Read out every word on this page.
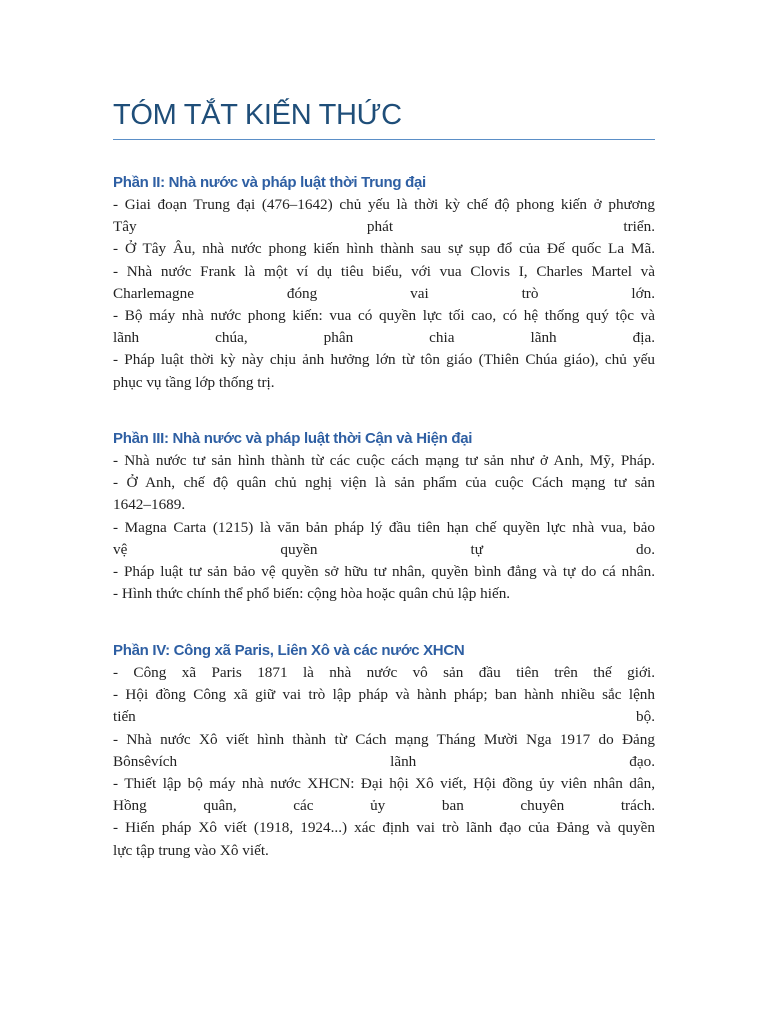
TÓM TẮT KIẾN THỨC
Phần II: Nhà nước và pháp luật thời Trung đại
- Giai đoạn Trung đại (476–1642) chủ yếu là thời kỳ chế độ phong kiến ở phương
Tây phát triển.
- Ở Tây Âu, nhà nước phong kiến hình thành sau sự sụp đổ của Đế quốc La Mã.
- Nhà nước Frank là một ví dụ tiêu biểu, với vua Clovis I, Charles Martel và
Charlemagne đóng vai trò lớn.
- Bộ máy nhà nước phong kiến: vua có quyền lực tối cao, có hệ thống quý tộc và
lãnh chúa, phân chia lãnh địa.
- Pháp luật thời kỳ này chịu ảnh hưởng lớn từ tôn giáo (Thiên Chúa giáo), chủ yếu
phục vụ tầng lớp thống trị.
Phần III: Nhà nước và pháp luật thời Cận và Hiện đại
- Nhà nước tư sản hình thành từ các cuộc cách mạng tư sản như ở Anh, Mỹ, Pháp.
- Ở Anh, chế độ quân chủ nghị viện là sản phẩm của cuộc Cách mạng tư sản
1642–1689.
- Magna Carta (1215) là văn bản pháp lý đầu tiên hạn chế quyền lực nhà vua, bảo
vệ quyền tự do.
- Pháp luật tư sản bảo vệ quyền sở hữu tư nhân, quyền bình đẳng và tự do cá nhân.
- Hình thức chính thể phổ biến: cộng hòa hoặc quân chủ lập hiến.
Phần IV: Công xã Paris, Liên Xô và các nước XHCN
- Công xã Paris 1871 là nhà nước vô sản đầu tiên trên thế giới.
- Hội đồng Công xã giữ vai trò lập pháp và hành pháp; ban hành nhiều sắc lệnh
tiến bộ.
- Nhà nước Xô viết hình thành từ Cách mạng Tháng Mười Nga 1917 do Đảng
Bônsêvích lãnh đạo.
- Thiết lập bộ máy nhà nước XHCN: Đại hội Xô viết, Hội đồng ủy viên nhân dân,
Hồng quân, các ủy ban chuyên trách.
- Hiến pháp Xô viết (1918, 1924...) xác định vai trò lãnh đạo của Đảng và quyền
lực tập trung vào Xô viết.
